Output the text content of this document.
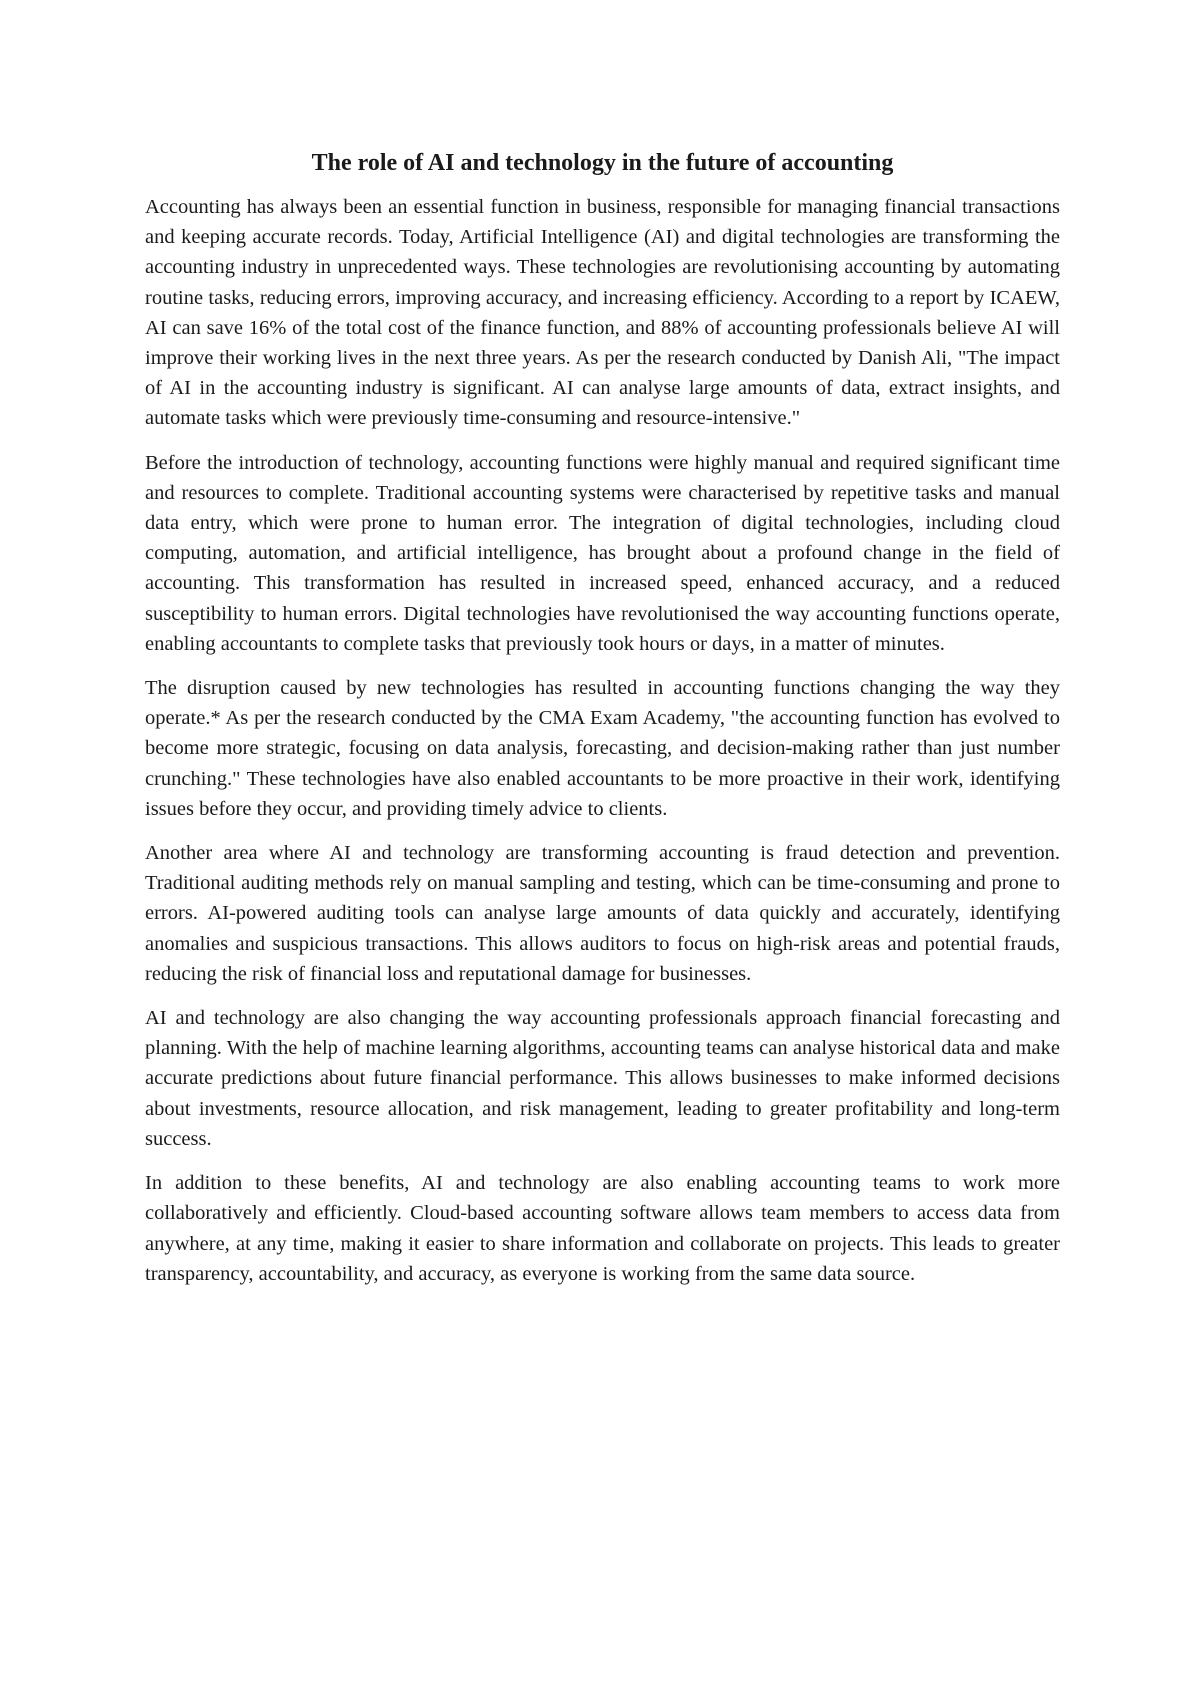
The role of AI and technology in the future of accounting

Accounting has always been an essential function in business, responsible for managing financial transactions and keeping accurate records. Today, Artificial Intelligence (AI) and digital technologies are transforming the accounting industry in unprecedented ways. These technologies are revolutionising accounting by automating routine tasks, reducing errors, improving accuracy, and increasing efficiency. According to a report by ICAEW, AI can save 16% of the total cost of the finance function, and 88% of accounting professionals believe AI will improve their working lives in the next three years. As per the research conducted by Danish Ali, "The impact of AI in the accounting industry is significant. AI can analyse large amounts of data, extract insights, and automate tasks which were previously time-consuming and resource-intensive."

Before the introduction of technology, accounting functions were highly manual and required significant time and resources to complete. Traditional accounting systems were characterised by repetitive tasks and manual data entry, which were prone to human error. The integration of digital technologies, including cloud computing, automation, and artificial intelligence, has brought about a profound change in the field of accounting. This transformation has resulted in increased speed, enhanced accuracy, and a reduced susceptibility to human errors. Digital technologies have revolutionised the way accounting functions operate, enabling accountants to complete tasks that previously took hours or days, in a matter of minutes.

The disruption caused by new technologies has resulted in accounting functions changing the way they operate.* As per the research conducted by the CMA Exam Academy, "the accounting function has evolved to become more strategic, focusing on data analysis, forecasting, and decision-making rather than just number crunching." These technologies have also enabled accountants to be more proactive in their work, identifying issues before they occur, and providing timely advice to clients.

Another area where AI and technology are transforming accounting is fraud detection and prevention. Traditional auditing methods rely on manual sampling and testing, which can be time-consuming and prone to errors. AI-powered auditing tools can analyse large amounts of data quickly and accurately, identifying anomalies and suspicious transactions. This allows auditors to focus on high-risk areas and potential frauds, reducing the risk of financial loss and reputational damage for businesses.

AI and technology are also changing the way accounting professionals approach financial forecasting and planning. With the help of machine learning algorithms, accounting teams can analyse historical data and make accurate predictions about future financial performance. This allows businesses to make informed decisions about investments, resource allocation, and risk management, leading to greater profitability and long-term success.

In addition to these benefits, AI and technology are also enabling accounting teams to work more collaboratively and efficiently. Cloud-based accounting software allows team members to access data from anywhere, at any time, making it easier to share information and collaborate on projects. This leads to greater transparency, accountability, and accuracy, as everyone is working from the same data source.
